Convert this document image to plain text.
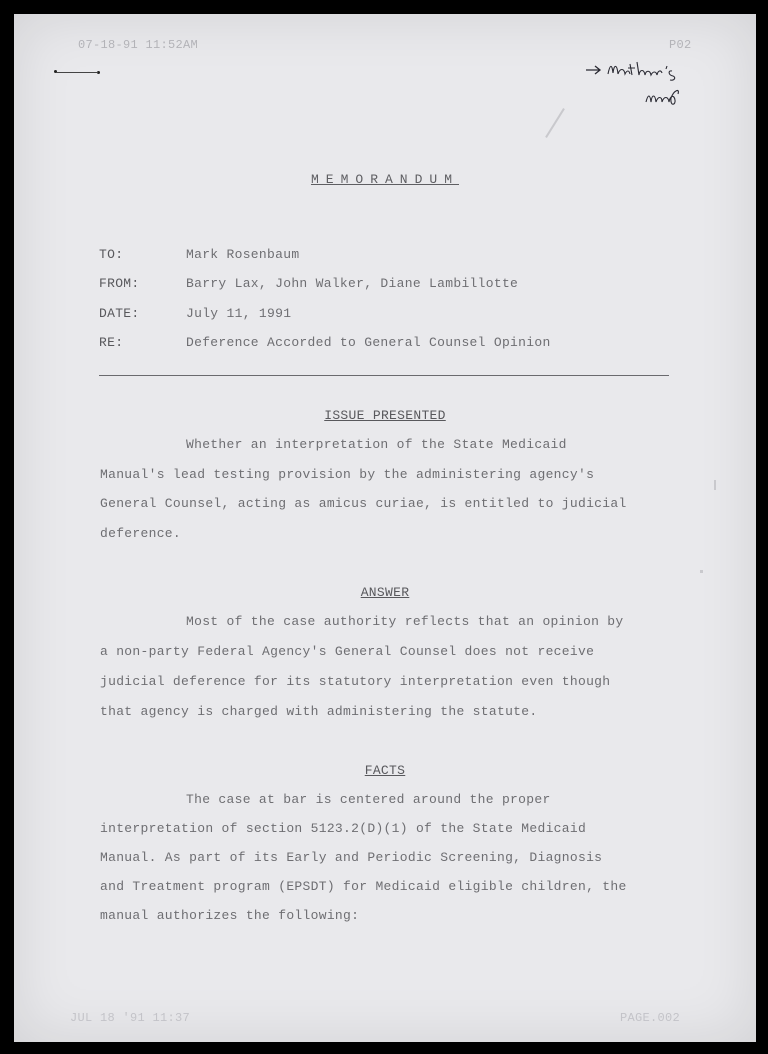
07-18-91 11:52AM	P02
→ Matthew's map
MEMORANDUM
TO:	Mark Rosenbaum
FROM:	Barry Lax, John Walker, Diane Lambillotte
DATE:	July 11, 1991
RE:	Deference Accorded to General Counsel Opinion
ISSUE PRESENTED
Whether an interpretation of the State Medicaid
Manual's lead testing provision by the administering agency's
General Counsel, acting as amicus curiae, is entitled to judicial
deference.
ANSWER
Most of the case authority reflects that an opinion by
a non-party Federal Agency's General Counsel does not receive
judicial deference for its statutory interpretation even though
that agency is charged with administering the statute.
FACTS
The case at bar is centered around the proper
interpretation of section 5123.2(D)(1) of the State Medicaid
Manual. As part of its Early and Periodic Screening, Diagnosis
and Treatment program (EPSDT) for Medicaid eligible children, the
manual authorizes the following:
JUL 18 '91 11:37	PAGE.002
